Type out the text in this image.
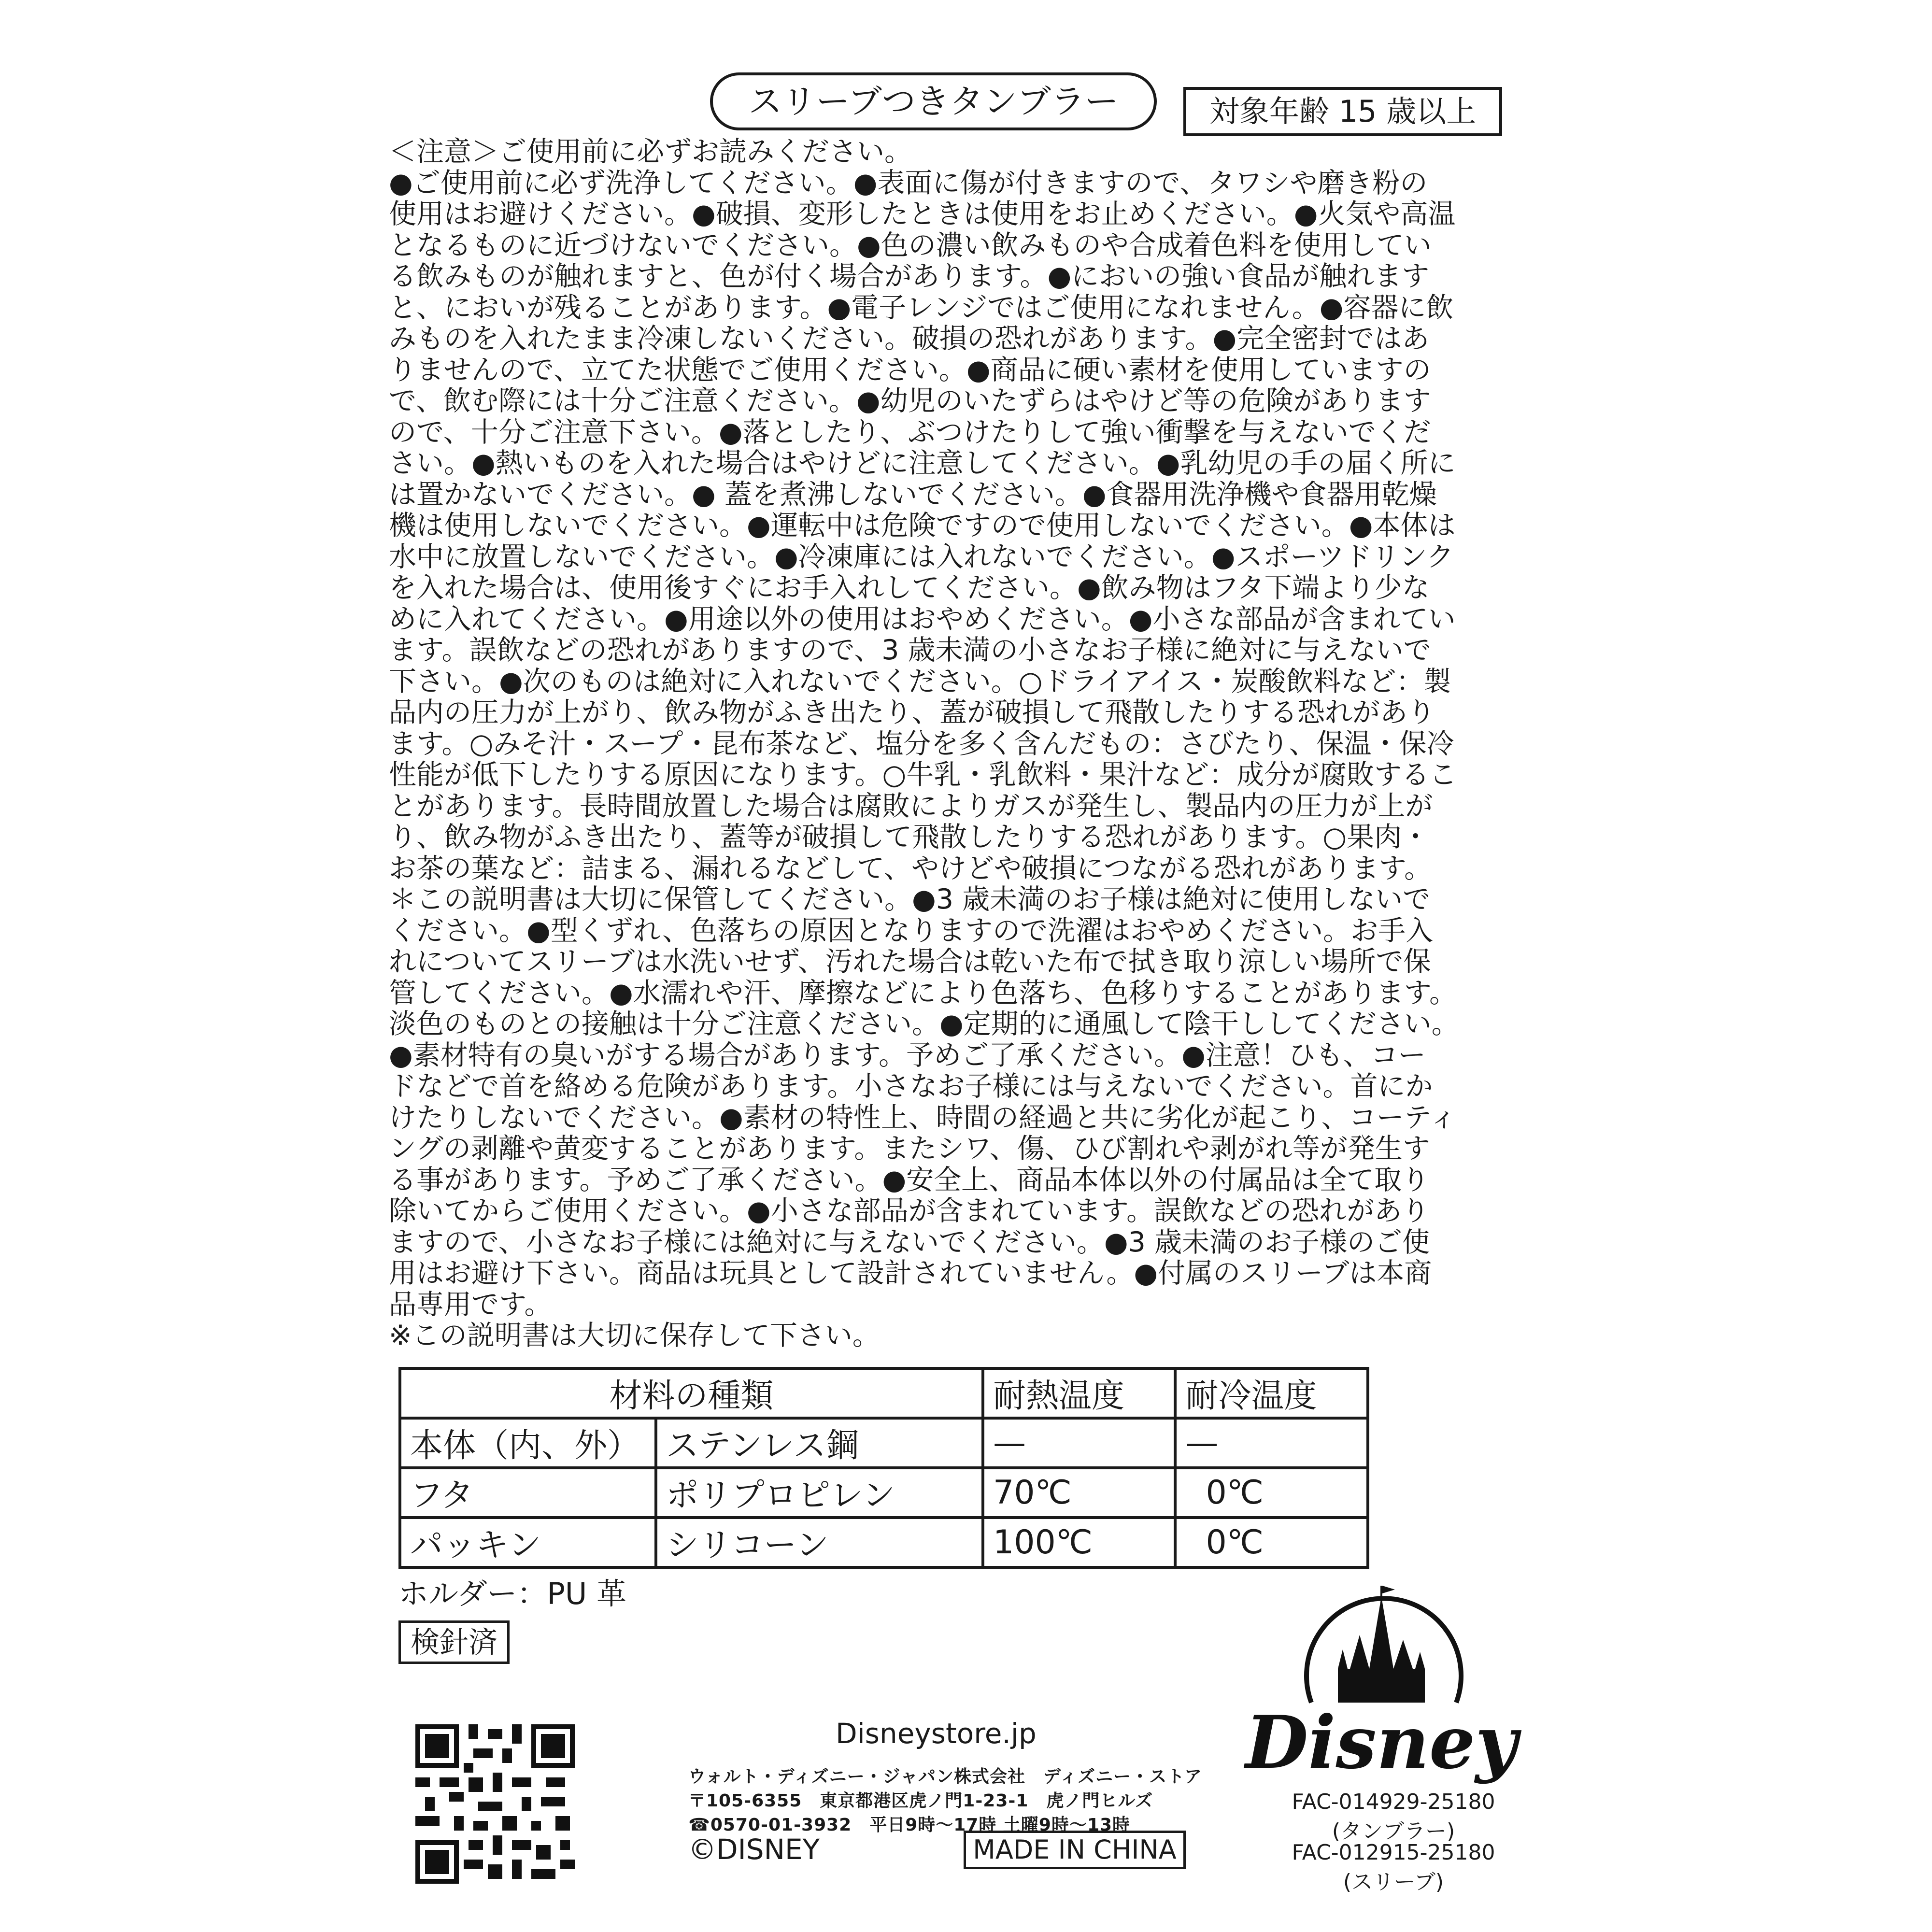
スリーブつきタンブラー	対象年齢 15 歳以上
＜注意＞ご使用前に必ずお読みください。
●ご使用前に必ず洗浄してください。●表面に傷が付きますので、タワシや磨き粉の
使用はお避けください。●破損、変形したときは使用をお止めください。●火気や高温
となるものに近づけないでください。●色の濃い飲みものや合成着色料を使用してい
る飲みものが触れますと、色が付く場合があります。●においの強い食品が触れます
と、においが残ることがあります。●電子レンジではご使用になれません。●容器に飲
みものを入れたまま冷凍しないください。破損の恐れがあります。●完全密封ではあ
りませんので、立てた状態でご使用ください。●商品に硬い素材を使用していますの
で、飲む際には十分ご注意ください。●幼児のいたずらはやけど等の危険があります
ので、十分ご注意下さい。●落としたり、ぶつけたりして強い衝撃を与えないでくだ
さい。●熱いものを入れた場合はやけどに注意してください。●乳幼児の手の届く所に
は置かないでください。● 蓋を煮沸しないでください。●食器用洗浄機や食器用乾燥
機は使用しないでください。●運転中は危険ですので使用しないでください。●本体は
水中に放置しないでください。●冷凍庫には入れないでください。●スポーツドリンク
を入れた場合は、使用後すぐにお手入れしてください。●飲み物はフタ下端より少な
めに入れてください。●用途以外の使用はおやめください。●小さな部品が含まれてい
ます。誤飲などの恐れがありますので、3 歳未満の小さなお子様に絶対に与えないで
下さい。●次のものは絶対に入れないでください。○ドライアイス・炭酸飲料など：製
品内の圧力が上がり、飲み物がふき出たり、蓋が破損して飛散したりする恐れがあり
ます。○みそ汁・スープ・昆布茶など、塩分を多く含んだもの：さびたり、保温・保冷
性能が低下したりする原因になります。○牛乳・乳飲料・果汁など：成分が腐敗するこ
とがあります。長時間放置した場合は腐敗によりガスが発生し、製品内の圧力が上が
り、飲み物がふき出たり、蓋等が破損して飛散したりする恐れがあります。○果肉・
お茶の葉など：詰まる、漏れるなどして、やけどや破損につながる恐れがあります。
＊この説明書は大切に保管してください。●3 歳未満のお子様は絶対に使用しないで
ください。●型くずれ、色落ちの原因となりますので洗濯はおやめください。お手入
れについてスリーブは水洗いせず、汚れた場合は乾いた布で拭き取り涼しい場所で保
管してください。●水濡れや汗、摩擦などにより色落ち、色移りすることがあります。
淡色のものとの接触は十分ご注意ください。●定期的に通風して陰干ししてください。
●素材特有の臭いがする場合があります。予めご了承ください。●注意！ひも、コー
ドなどで首を絡める危険があります。小さなお子様には与えないでください。首にか
けたりしないでください。●素材の特性上、時間の経過と共に劣化が起こり、コーティ
ングの剥離や黄変することがあります。またシワ、傷、ひび割れや剥がれ等が発生す
る事があります。予めご了承ください。●安全上、商品本体以外の付属品は全て取り
除いてからご使用ください。●小さな部品が含まれています。誤飲などの恐れがあり
ますので、小さなお子様には絶対に与えないでください。●3 歳未満のお子様のご使
用はお避け下さい。商品は玩具として設計されていません。●付属のスリーブは本商
品専用です。
※この説明書は大切に保存して下さい。
材料の種類		耐熱温度	耐冷温度
本体（内、外）	ステンレス鋼	—	—
フタ	ポリプロピレン	70℃	0℃
パッキン	シリコーン	100℃	0℃
ホルダー：PU 革
検針済
Disneystore.jp
ウォルト・ディズニー・ジャパン株式会社　ディズニー・ストア
〒105-6355　東京都港区虎ノ門1-23-1　虎ノ門ヒルズ
☎0570-01-3932　平日9時〜17時 土曜9時〜13時
©DISNEY	MADE IN CHINA
Disney
FAC-014929-25180
(タンブラー)
FAC-012915-25180
(スリーブ)
